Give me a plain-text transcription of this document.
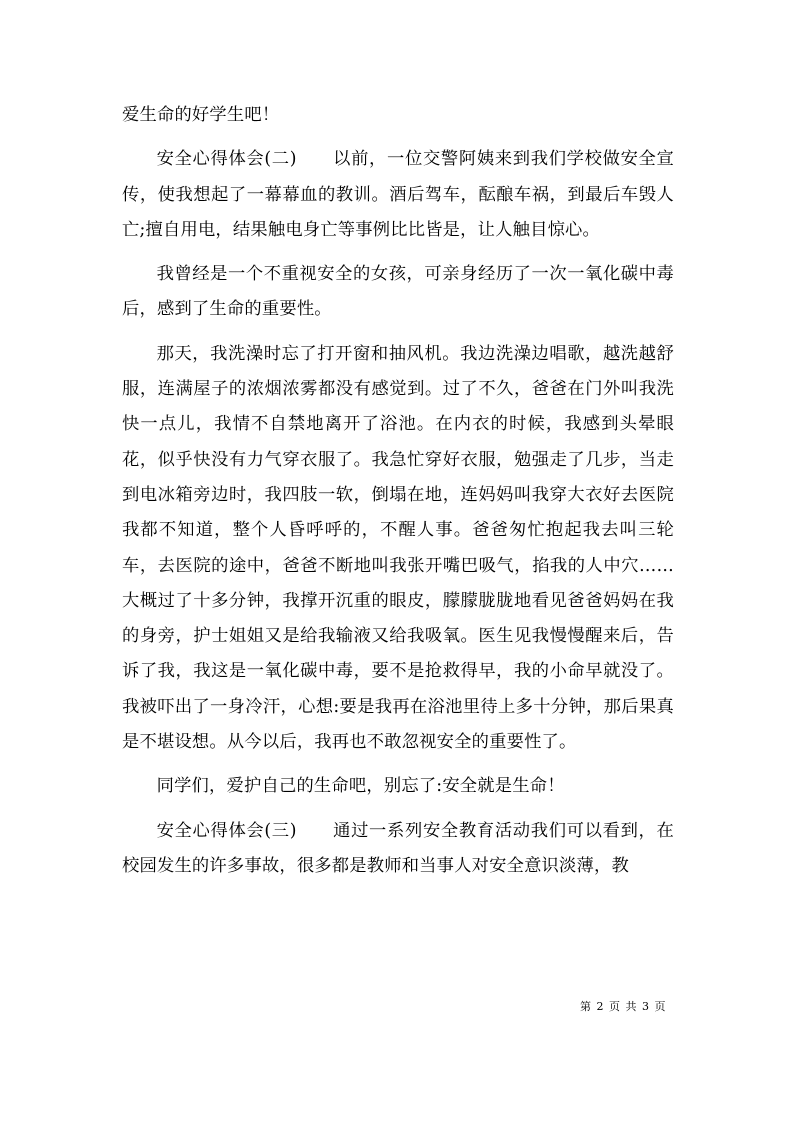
爱生命的好学生吧！

安全心得体会(二)　　以前，一位交警阿姨来到我们学校做安全宣传，使我想起了一幕幕血的教训。酒后驾车，酝酿车祸，到最后车毁人亡;擅自用电，结果触电身亡等事例比比皆是，让人触目惊心。

我曾经是一个不重视安全的女孩，可亲身经历了一次一氧化碳中毒后，感到了生命的重要性。

那天，我洗澡时忘了打开窗和抽风机。我边洗澡边唱歌，越洗越舒服，连满屋子的浓烟浓雾都没有感觉到。过了不久，爸爸在门外叫我洗快一点儿，我情不自禁地离开了浴池。在内衣的时候，我感到头晕眼花，似乎快没有力气穿衣服了。我急忙穿好衣服，勉强走了几步，当走到电冰箱旁边时，我四肢一软，倒塌在地，连妈妈叫我穿大衣好去医院我都不知道，整个人昏呼呼的，不醒人事。爸爸匆忙抱起我去叫三轮车，去医院的途中，爸爸不断地叫我张开嘴巴吸气，掐我的人中穴……大概过了十多分钟，我撑开沉重的眼皮，朦朦胧胧地看见爸爸妈妈在我的身旁，护士姐姐又是给我输液又给我吸氧。医生见我慢慢醒来后，告诉了我，我这是一氧化碳中毒，要不是抢救得早，我的小命早就没了。我被吓出了一身冷汗，心想:要是我再在浴池里待上多十分钟，那后果真是不堪设想。从今以后，我再也不敢忽视安全的重要性了。

同学们，爱护自己的生命吧，别忘了:安全就是生命！

安全心得体会(三)　　通过一系列安全教育活动我们可以看到，在校园发生的许多事故，很多都是教师和当事人对安全意识淡薄，教

第 2 页 共 3 页
